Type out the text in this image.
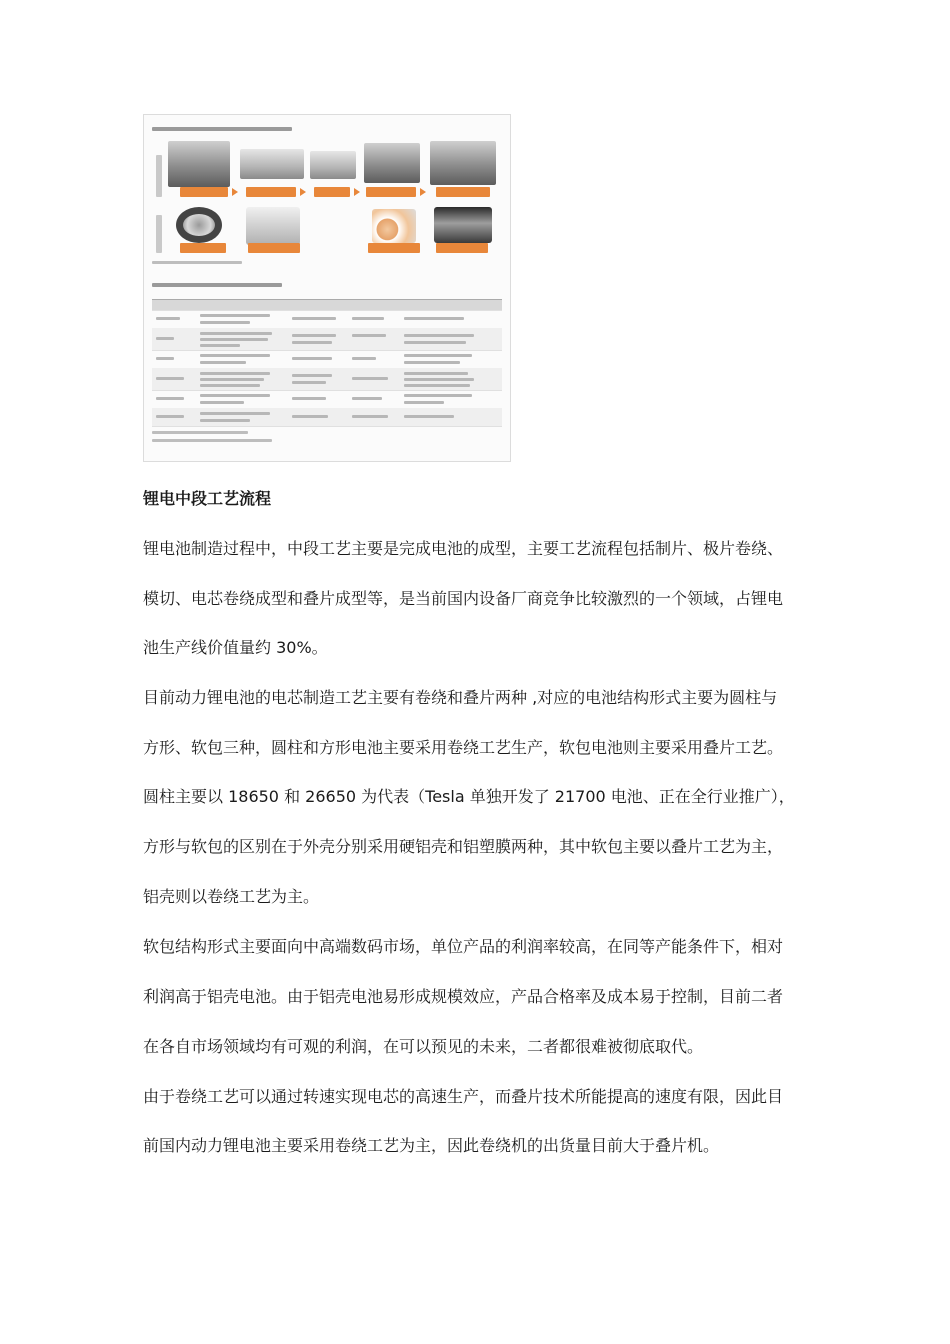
锂电中段工艺流程

锂电池制造过程中，中段工艺主要是完成电池的成型，主要工艺流程包括制片、极片卷绕、

模切、电芯卷绕成型和叠片成型等，是当前国内设备厂商竞争比较激烈的一个领域，占锂电

池生产线价值量约 30%。

目前动力锂电池的电芯制造工艺主要有卷绕和叠片两种 ,对应的电池结构形式主要为圆柱与

方形、软包三种，圆柱和方形电池主要采用卷绕工艺生产，软包电池则主要采用叠片工艺。

圆柱主要以 18650 和 26650 为代表（Tesla 单独开发了 21700 电池、正在全行业推广），

方形与软包的区别在于外壳分别采用硬铝壳和铝塑膜两种，其中软包主要以叠片工艺为主，

铝壳则以卷绕工艺为主。

软包结构形式主要面向中高端数码市场，单位产品的利润率较高，在同等产能条件下，相对

利润高于铝壳电池。由于铝壳电池易形成规模效应，产品合格率及成本易于控制，目前二者

在各自市场领域均有可观的利润，在可以预见的未来，二者都很难被彻底取代。

由于卷绕工艺可以通过转速实现电芯的高速生产，而叠片技术所能提高的速度有限，因此目

前国内动力锂电池主要采用卷绕工艺为主，因此卷绕机的出货量目前大于叠片机。
